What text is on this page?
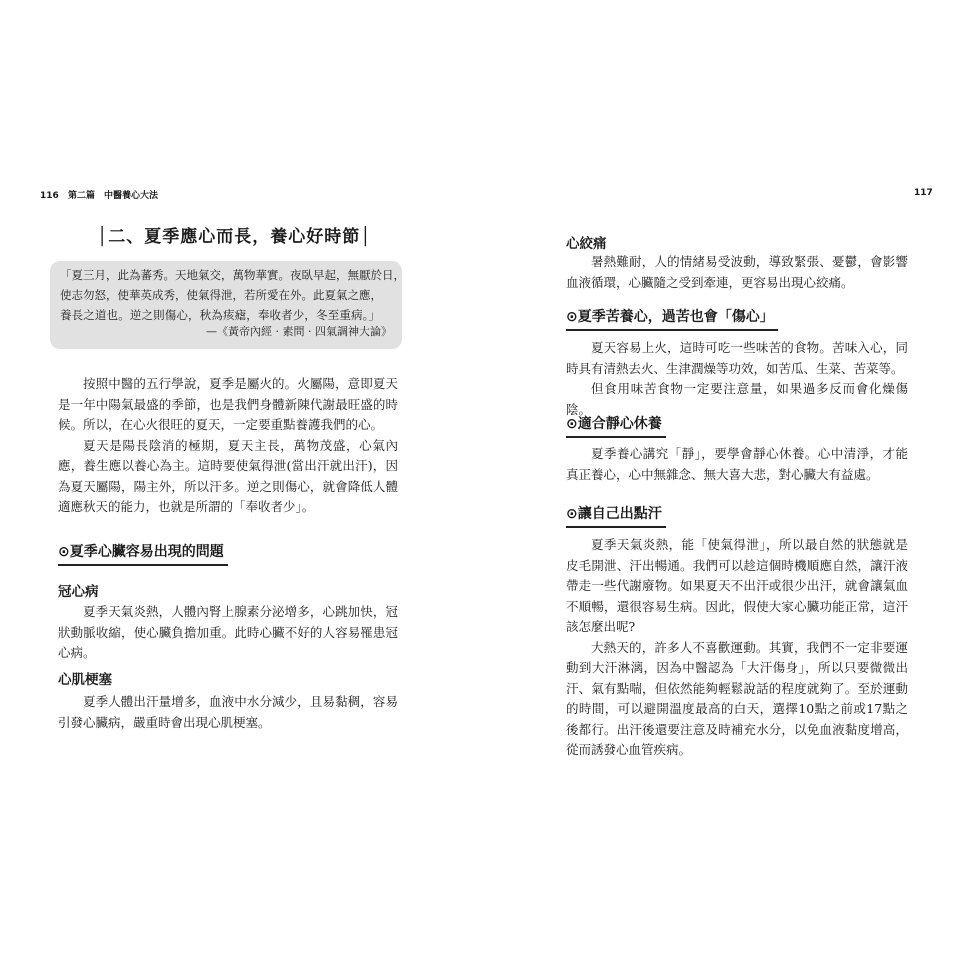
116 第二篇　中醫養心大法
│二、夏季應心而長，養心好時節│
「夏三月，此為蕃秀。天地氣交，萬物華實。夜臥早起，無厭於日，
使志勿怒，使華英成秀，使氣得泄，若所愛在外。此夏氣之應，
養長之道也。逆之則傷心，秋為痎瘧，奉收者少，冬至重病。」
—《黃帝內經 · 素問 · 四氣調神大論》

按照中醫的五行學說，夏季是屬火的。火屬陽，意即夏天是一年中陽氣最盛的季節，也是我們身體新陳代謝最旺盛的時候。所以，在心火很旺的夏天，一定要重點養護我們的心。

夏天是陽長陰消的極期，夏天主長，萬物茂盛，心氣內應，養生應以養心為主。這時要使氣得泄(當出汗就出汗)，因為夏天屬陽，陽主外，所以汗多。逆之則傷心，就會降低人體適應秋天的能力，也就是所謂的「奉收者少」。

⊙夏季心臟容易出現的問題
冠心病

夏季天氣炎熱，人體內腎上腺素分泌增多，心跳加快，冠狀動脈收縮，使心臟負擔加重。此時心臟不好的人容易罹患冠心病。

心肌梗塞

夏季人體出汗量增多，血液中水分減少，且易黏稠，容易引發心臟病，嚴重時會出現心肌梗塞。

117
心絞痛

暑熱難耐，人的情緒易受波動，導致緊張、憂鬱，會影響血液循環，心臟隨之受到牽連，更容易出現心絞痛。

⊙夏季苦養心，過苦也會「傷心」

夏天容易上火，這時可吃一些味苦的食物。苦味入心，同時具有清熱去火、生津潤燥等功效，如苦瓜、生菜、苦菜等。

但食用味苦食物一定要注意量，如果過多反而會化燥傷陰。

⊙適合靜心休養

夏季養心講究「靜」，要學會靜心休養。心中清淨，才能真正養心，心中無雜念、無大喜大悲，對心臟大有益處。

⊙讓自己出點汗

夏季天氣炎熱，能「使氣得泄」，所以最自然的狀態就是皮毛開泄、汗出暢通。我們可以趁這個時機順應自然，讓汗液帶走一些代謝廢物。如果夏天不出汗或很少出汗，就會讓氣血不順暢，還很容易生病。因此，假使大家心臟功能正常，這汗該怎麼出呢?

大熱天的，許多人不喜歡運動。其實，我們不一定非要運動到大汗淋漓，因為中醫認為「大汗傷身」，所以只要微微出汗、氣有點喘，但依然能夠輕鬆說話的程度就夠了。至於運動的時間，可以避開溫度最高的白天，選擇10點之前或17點之後都行。出汗後還要注意及時補充水分，以免血液黏度增高，從而誘發心血管疾病。
